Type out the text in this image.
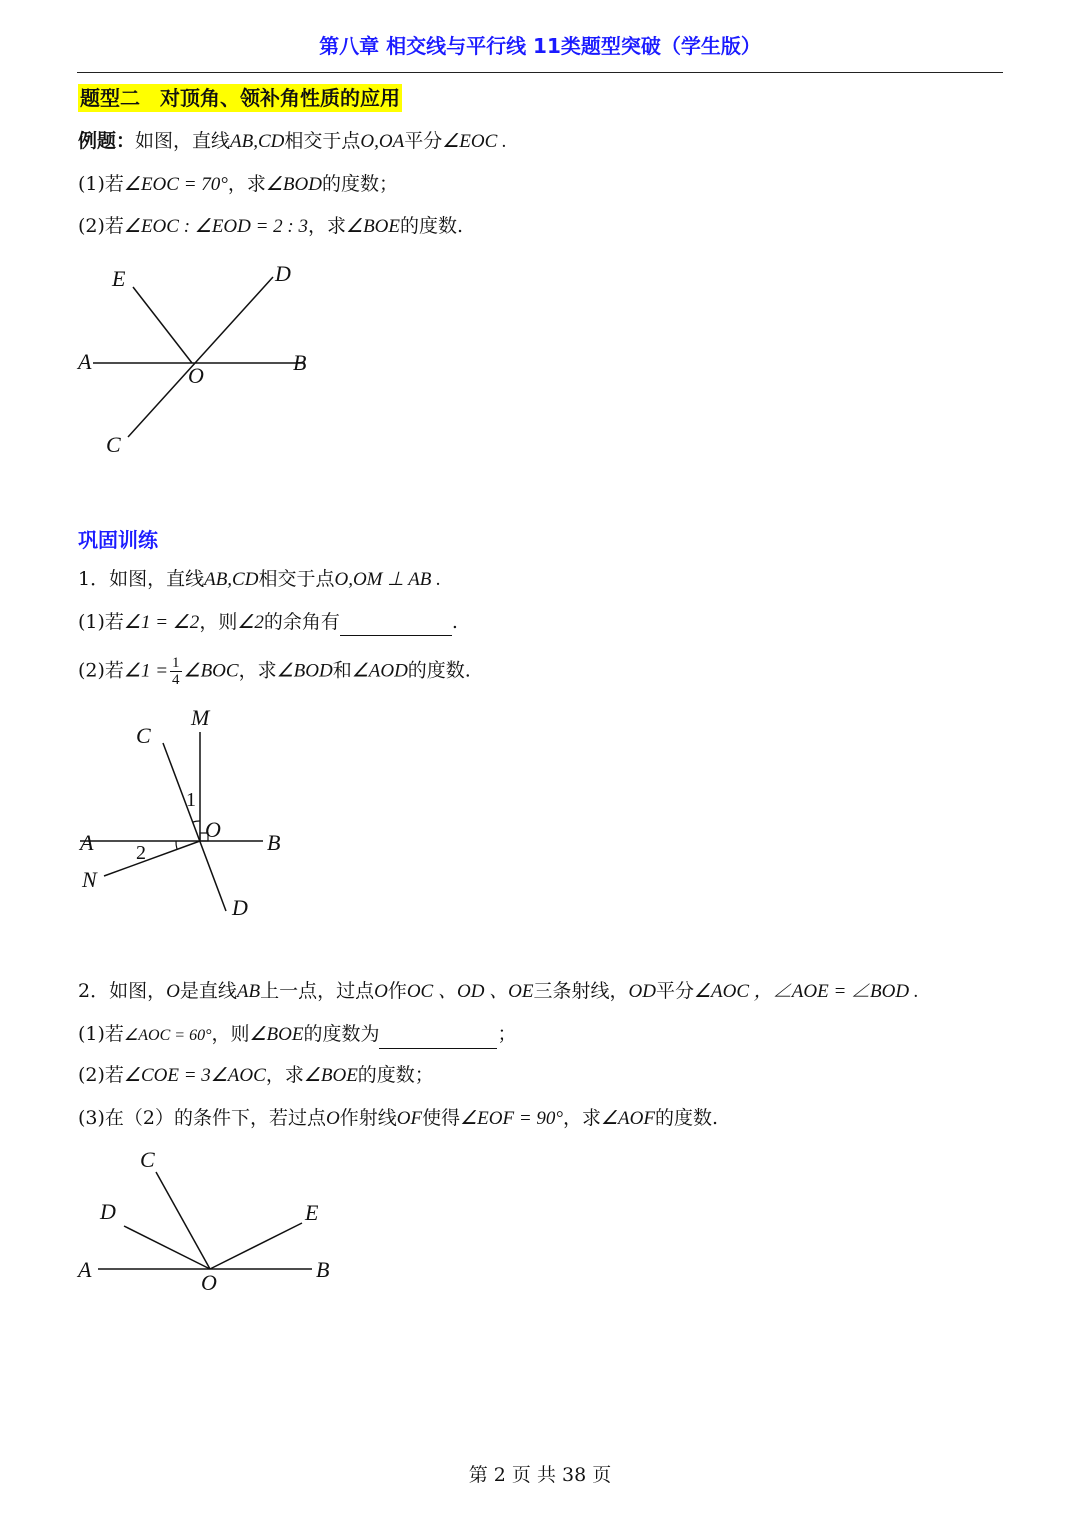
第八章 相交线与平行线 11类题型突破（学生版）
题型二　对顶角、领补角性质的应用
例题：如图，直线AB,CD相交于点O,OA平分∠EOC .
(1)若∠EOC = 70°，求∠BOD的度数；
(2)若∠EOC : ∠EOD = 2 : 3，求∠BOE的度数.
E	D
A	B
O
C
巩固训练
1．如图，直线AB,CD相交于点O,OM ⊥ AB .
(1)若∠1 = ∠2，则∠2的余角有	.
(2)若∠1 = $\frac{1}{4}$ ∠BOC，求∠BOD和∠AOD的度数.
C
M
1
O
A	B
2
N
D
2．如图，O是直线AB上一点，过点O作OC 、OD 、OE三条射线，OD平分∠AOC ，∠AOE = ∠BOD .
(1)若∠AOC = 60°，则∠BOE的度数为	；
(2)若∠COE = 3∠AOC，求∠BOE的度数；
(3)在（2）的条件下，若过点O作射线OF使得∠EOF = 90°，求∠AOF的度数.
C
D	E
A
O
B
第 2 页 共 38 页
